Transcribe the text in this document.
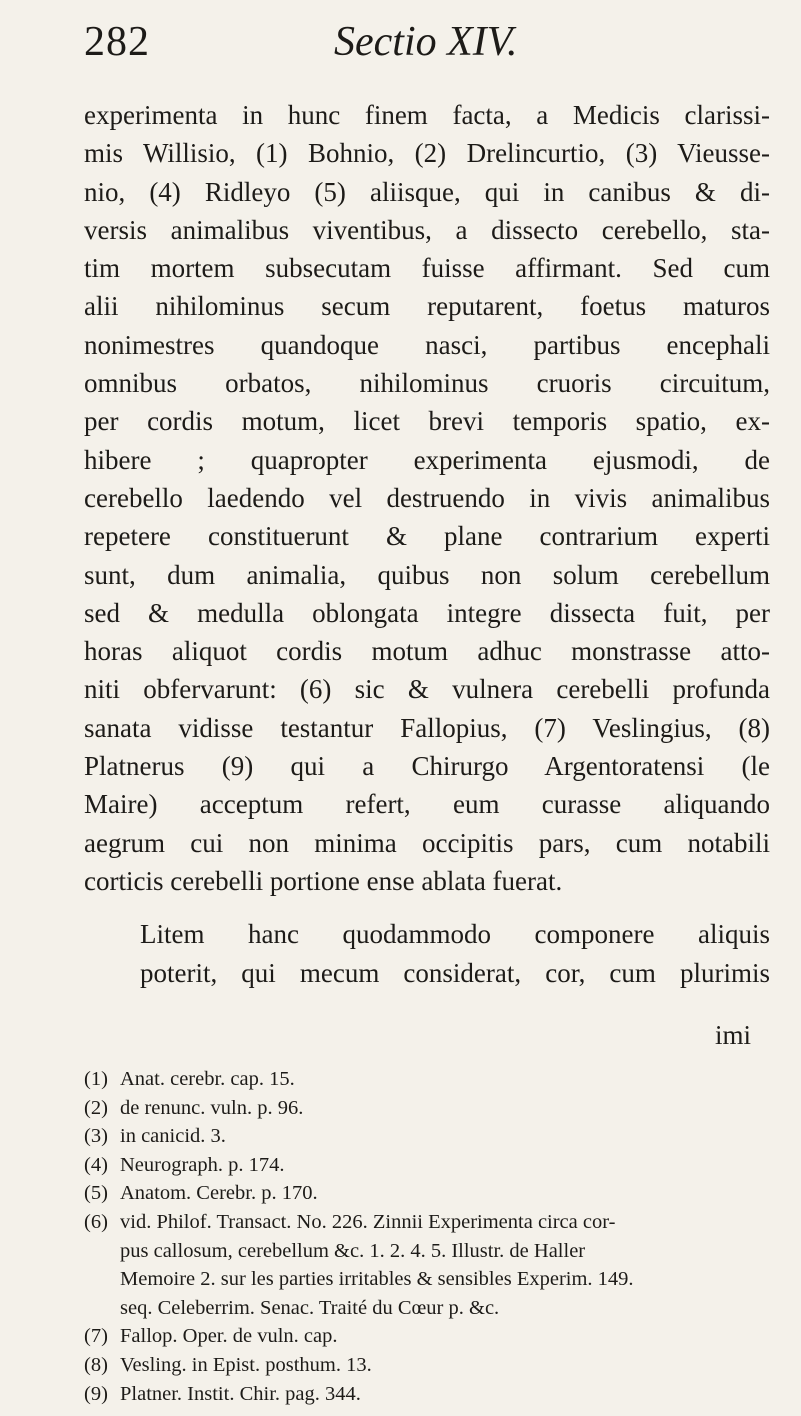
282	Sectio XIV.
experimenta in hunc finem facta, a Medicis clarissi-
mis Willisio, (1) Bohnio, (2) Drelincurtio, (3) Vieusse-
nio, (4) Ridleyo (5) aliisque, qui in canibus & di-
versis animalibus viventibus, a dissecto cerebello, sta-
tim mortem subsecutam fuisse affirmant. Sed cum
alii nihilominus secum reputarent, foetus maturos
nonimestres quandoque nasci, partibus encephali
omnibus orbatos, nihilominus cruoris circuitum,
per cordis motum, licet brevi temporis spatio, ex-
hibere ; quapropter experimenta ejusmodi, de
cerebello laedendo vel destruendo in vivis animalibus
repetere constituerunt & plane contrarium experti
sunt, dum animalia, quibus non solum cerebellum
sed & medulla oblongata integre dissecta fuit, per
horas aliquot cordis motum adhuc monstrasse atto-
niti obfervarunt: (6) sic & vulnera cerebelli profunda
sanata vidisse testantur Fallopius, (7) Veslingius, (8)
Platnerus (9) qui a Chirurgo Argentoratensi (le
Maire) acceptum refert, eum curasse aliquando
aegrum cui non minima occipitis pars, cum notabili
corticis cerebelli portione ense ablata fuerat.
Litem hanc quodammodo componere aliquis
poterit, qui mecum considerat, cor, cum plurimis
imi
(1) Anat. cerebr. cap. 15.
(2) de renunc. vuln. p. 96.
(3) in canicid. 3.
(4) Neurograph. p. 174.
(5) Anatom. Cerebr. p. 170.
(6) vid. Philof. Transact. No. 226. Zinnii Experimenta circa cor-
pus callosum, cerebellum &c. 1. 2. 4. 5. Illustr. de Haller
Memoire 2. sur les parties irritables & sensibles Experim. 149.
seq. Celeberrim. Senac. Traité du Cœur p. &c.
(7) Fallop. Oper. de vuln. cap.
(8) Vesling. in Epist. posthum. 13.
(9) Platner. Instit. Chir. pag. 344.
